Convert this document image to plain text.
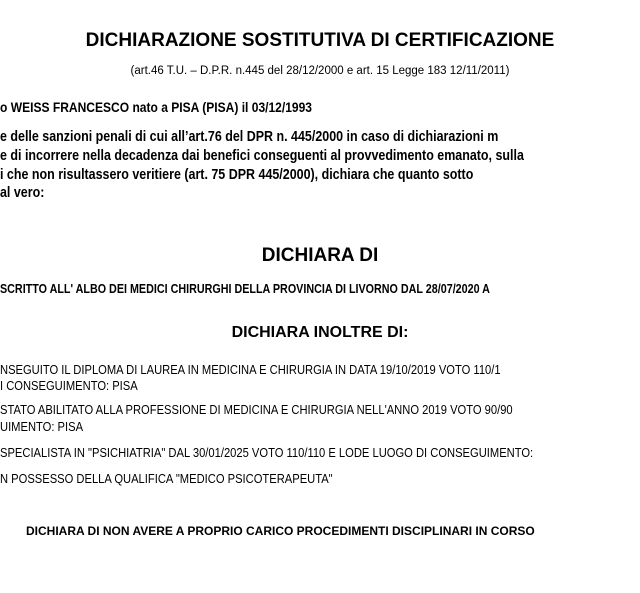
DICHIARAZIONE SOSTITUTIVA DI CERTIFICAZIONE
(art.46 T.U. – D.P.R. n.445 del 28/12/2000 e art. 15 Legge 183 12/11/2011)
o WEISS FRANCESCO nato a PISA (PISA) il 03/12/1993
e delle sanzioni penali di cui all’art.76 del DPR n. 445/2000 in caso di dichiarazioni m
e di incorrere nella decadenza dai benefici conseguenti al provvedimento emanato, sulla
i che non risultassero veritiere (art. 75 DPR 445/2000), dichiara che quanto sotto
al vero:
DICHIARA DI
SCRITTO ALL' ALBO DEI MEDICI CHIRURGHI DELLA PROVINCIA DI LIVORNO DAL 28/07/2020 A
DICHIARA INOLTRE DI:
NSEGUITO IL DIPLOMA DI LAUREA IN MEDICINA E CHIRURGIA IN DATA 19/10/2019 VOTO 110/1
I CONSEGUIMENTO: PISA
STATO ABILITATO ALLA PROFESSIONE DI MEDICINA E CHIRURGIA NELL'ANNO 2019 VOTO 90/90
UIMENTO: PISA
SPECIALISTA IN "PSICHIATRIA" DAL 30/01/2025 VOTO 110/110 E LODE LUOGO DI CONSEGUIMENTO:
N POSSESSO DELLA QUALIFICA "MEDICO PSICOTERAPEUTA"
DICHIARA DI NON AVERE A PROPRIO CARICO PROCEDIMENTI DISCIPLINARI IN CORSO
